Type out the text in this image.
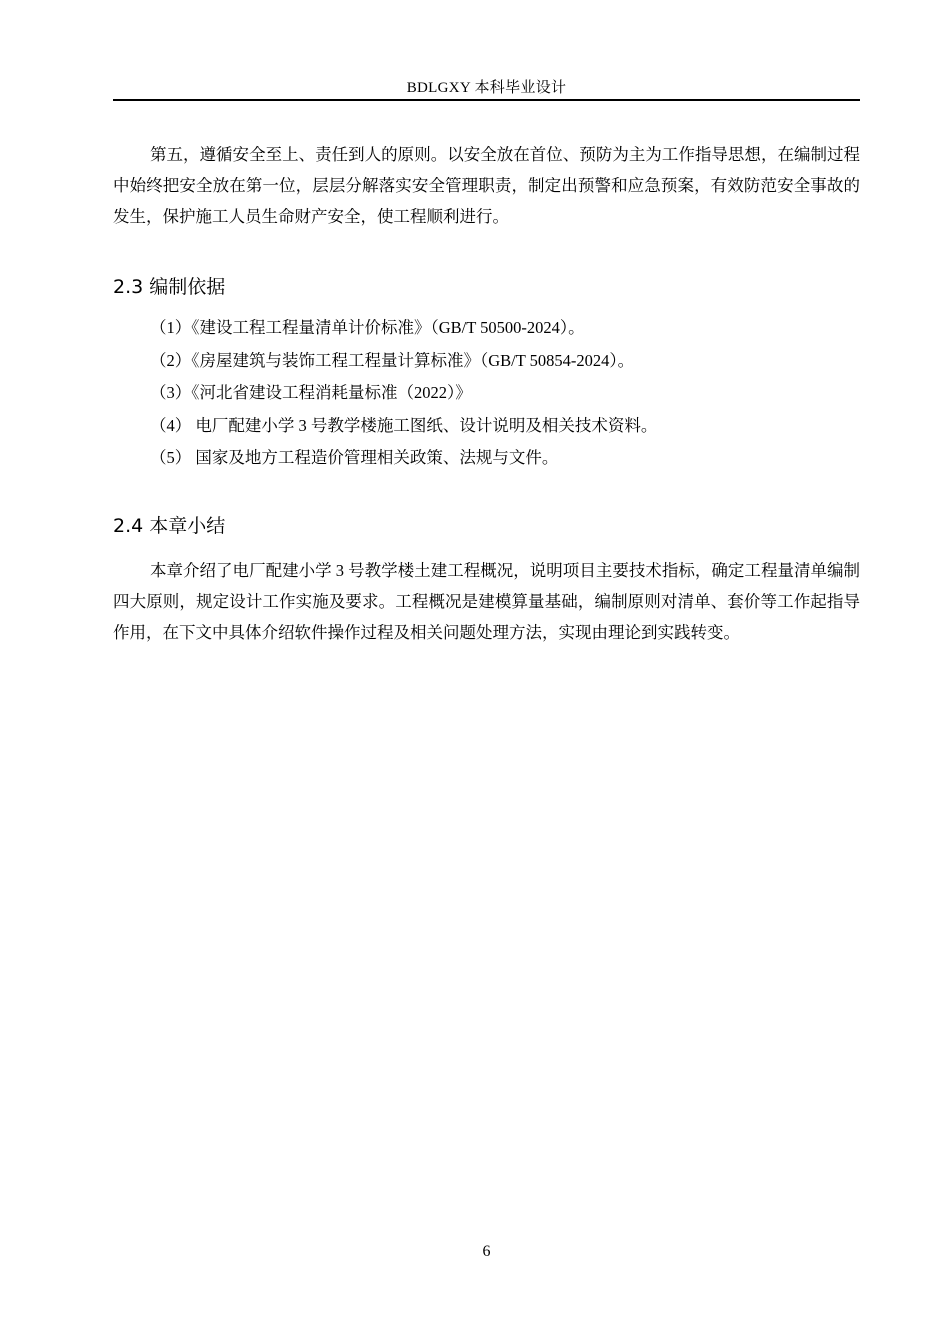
BDLGXY 本科毕业设计

第五，遵循安全至上、责任到人的原则。以安全放在首位、预防为主为工作指导思想，在编制过程中始终把安全放在第一位，层层分解落实安全管理职责，制定出预警和应急预案，有效防范安全事故的发生，保护施工人员生命财产安全，使工程顺利进行。

2.3 编制依据
（1）《建设工程工程量清单计价标准》（GB/T 50500-2024）。
（2）《房屋建筑与装饰工程工程量计算标准》（GB/T 50854-2024）。
（3）《河北省建设工程消耗量标准（2022）》
（4） 电厂配建小学 3 号教学楼施工图纸、设计说明及相关技术资料。
（5） 国家及地方工程造价管理相关政策、法规与文件。
2.4 本章小结

本章介绍了电厂配建小学 3 号教学楼土建工程概况，说明项目主要技术指标，确定工程量清单编制四大原则，规定设计工作实施及要求。工程概况是建模算量基础，编制原则对清单、套价等工作起指导作用，在下文中具体介绍软件操作过程及相关问题处理方法，实现由理论到实践转变。

6
